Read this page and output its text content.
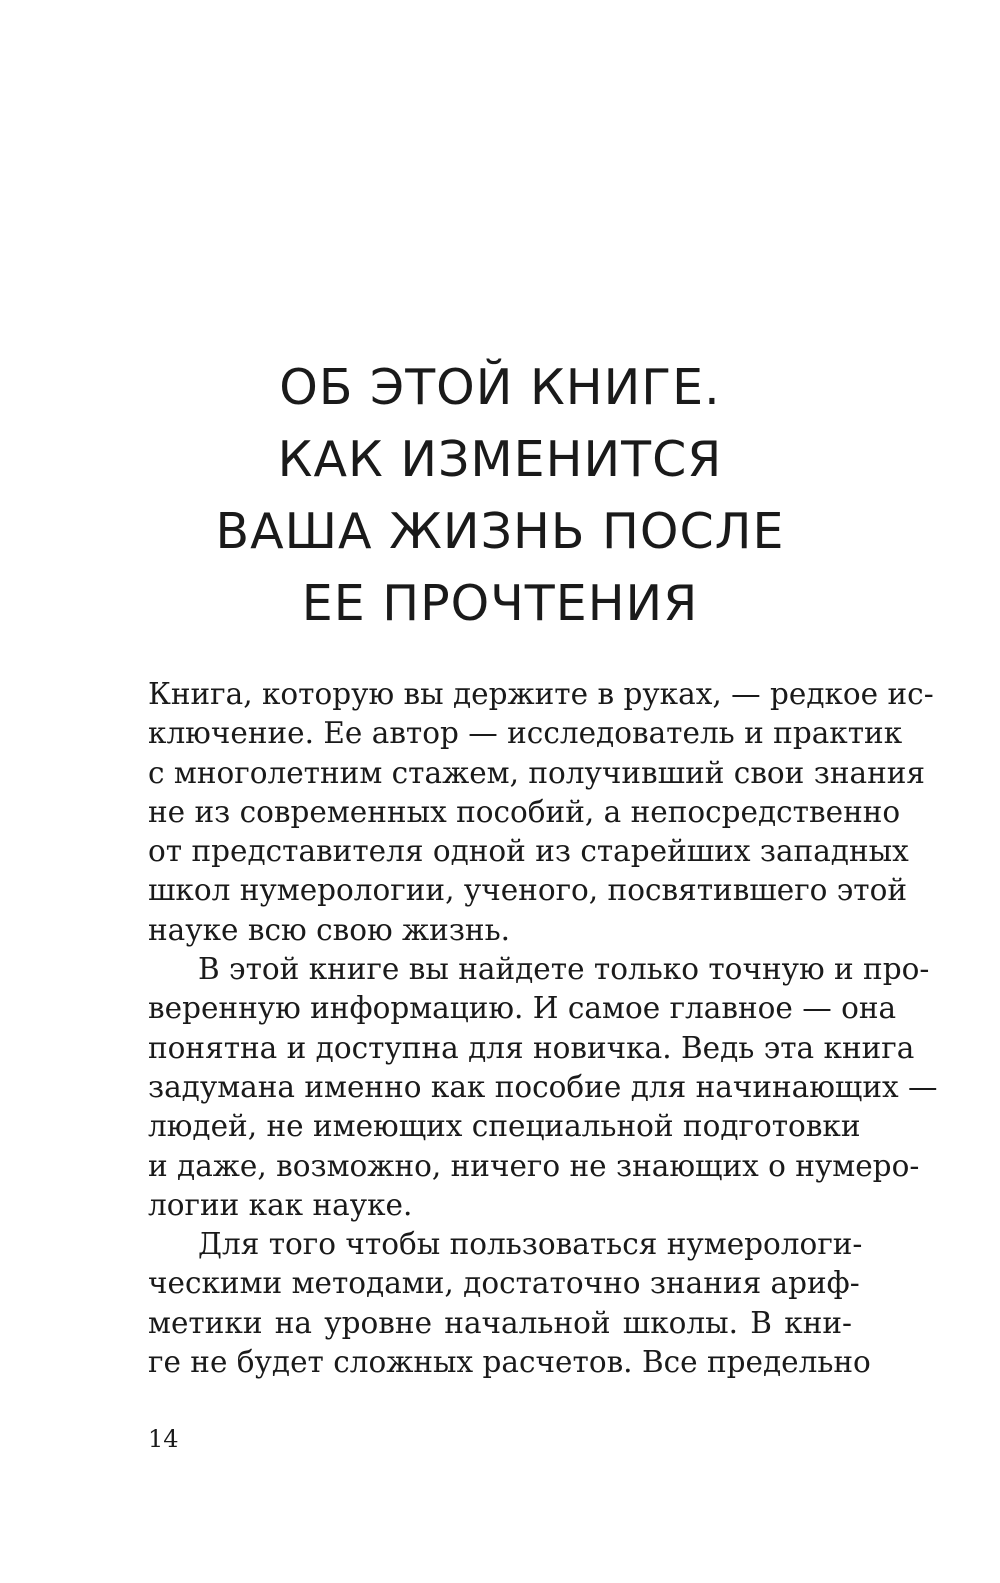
ОБ ЭТОЙ КНИГЕ.
КАК ИЗМЕНИТСЯ
ВАША ЖИЗНЬ ПОСЛЕ
ЕЕ ПРОЧТЕНИЯ
Книга, которую вы держите в руках, — редкое ис-
ключение. Ее автор — исследователь и практик
с многолетним стажем, получивший свои знания
не из современных пособий, а непосредственно
от представителя одной из старейших западных
школ нумерологии, ученого, посвятившего этой
науке всю свою жизнь.
В этой книге вы найдете только точную и про-
веренную информацию. И самое главное — она
понятна и доступна для новичка. Ведь эта книга
задумана именно как пособие для начинающих —
людей, не имеющих специальной подготовки
и даже, возможно, ничего не знающих о нумеро-
логии как науке.
Для того чтобы пользоваться нумерологи-
ческими методами, достаточно знания ариф-
метики на уровне начальной школы. В кни-
ге не будет сложных расчетов. Все предельно
14
